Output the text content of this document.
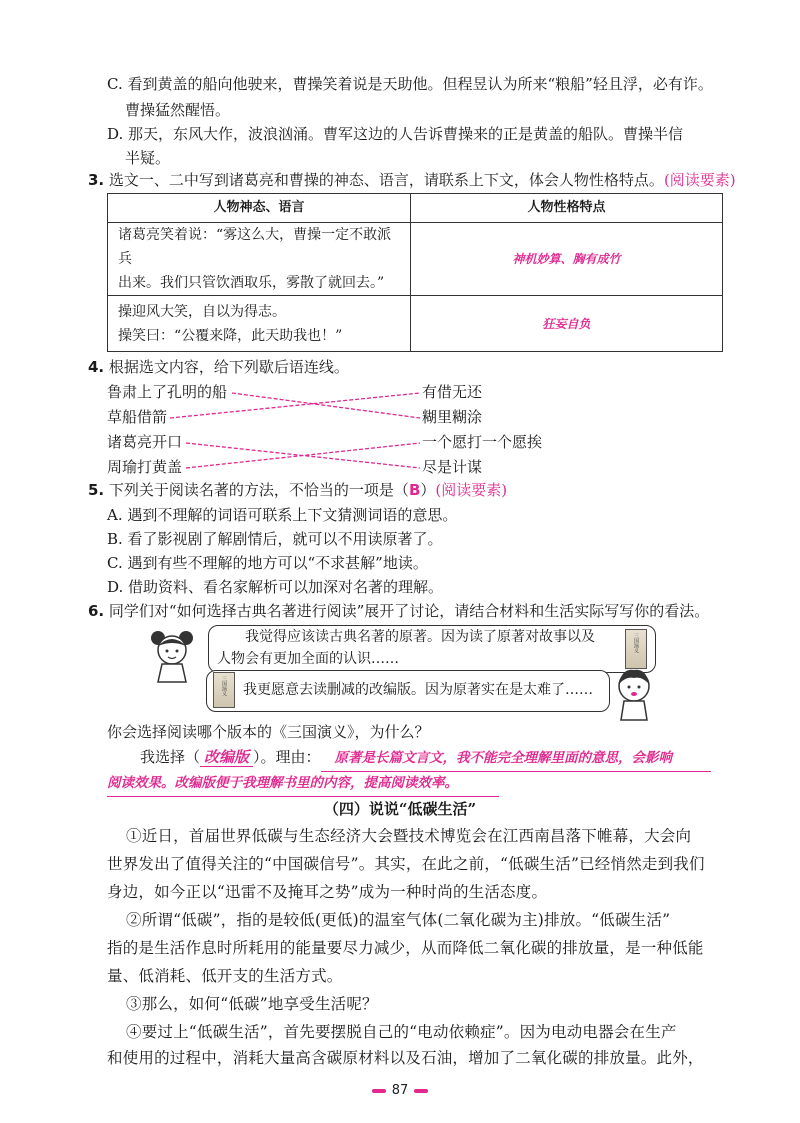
C. 看到黄盖的船向他驶来，曹操笑着说是天助他。但程昱认为所来“粮船”轻且浮，必有诈。
曹操猛然醒悟。
D. 那天，东风大作，波浪汹涌。曹军这边的人告诉曹操来的正是黄盖的船队。曹操半信
半疑。
3. 选文一、二中写到诸葛亮和曹操的神态、语言，请联系上下文，体会人物性格特点。(阅读要素)
人物神态、语言	人物性格特点

诸葛亮笑着说：“雾这么大，曹操一定不敢派兵
出来。我们只管饮酒取乐，雾散了就回去。”	神机妙算、胸有成竹

操迎风大笑，自以为得志。
操笑曰：“公覆来降，此天助我也！”	狂妄自负
4. 根据选文内容，给下列歇后语连线。
鲁肃上了孔明的船
草船借箭
诸葛亮开口
周瑜打黄盖
有借无还
糊里糊涂
一个愿打一个愿挨
尽是计谋
5. 下列关于阅读名著的方法，不恰当的一项是（B）(阅读要素)
A. 遇到不理解的词语可联系上下文猜测词语的意思。
B. 看了影视剧了解剧情后，就可以不用读原著了。
C. 遇到有些不理解的地方可以“不求甚解”地读。
D. 借助资料、看名家解析可以加深对名著的理解。
6. 同学们对“如何选择古典名著进行阅读”展开了讨论，请结合材料和生活实际写写你的看法。
我觉得应该读古典名著的原著。因为读了原著对故事以及
人物会有更加全面的认识……
三国演义
三国演义 我更愿意去读删减的改编版。因为原著实在是太难了……
你会选择阅读哪个版本的《三国演义》，为什么？
我选择（ 改编版 ）。理由： 原著是长篇文言文，我不能完全理解里面的意思，会影响
阅读效果。改编版便于我理解书里的内容，提高阅读效率。
（四）说说“低碳生活”
①近日，首届世界低碳与生态经济大会暨技术博览会在江西南昌落下帷幕，大会向
世界发出了值得关注的“中国碳信号”。其实，在此之前，“低碳生活”已经悄然走到我们
身边，如今正以“迅雷不及掩耳之势”成为一种时尚的生活态度。
②所谓“低碳”，指的是较低(更低)的温室气体(二氧化碳为主)排放。“低碳生活”
指的是生活作息时所耗用的能量要尽力减少，从而降低二氧化碳的排放量，是一种低能
量、低消耗、低开支的生活方式。
③那么，如何“低碳”地享受生活呢？
④要过上“低碳生活”，首先要摆脱自己的“电动依赖症”。因为电动电器会在生产
87
和使用的过程中，消耗大量高含碳原材料以及石油，增加了二氧化碳的排放量。此外，
